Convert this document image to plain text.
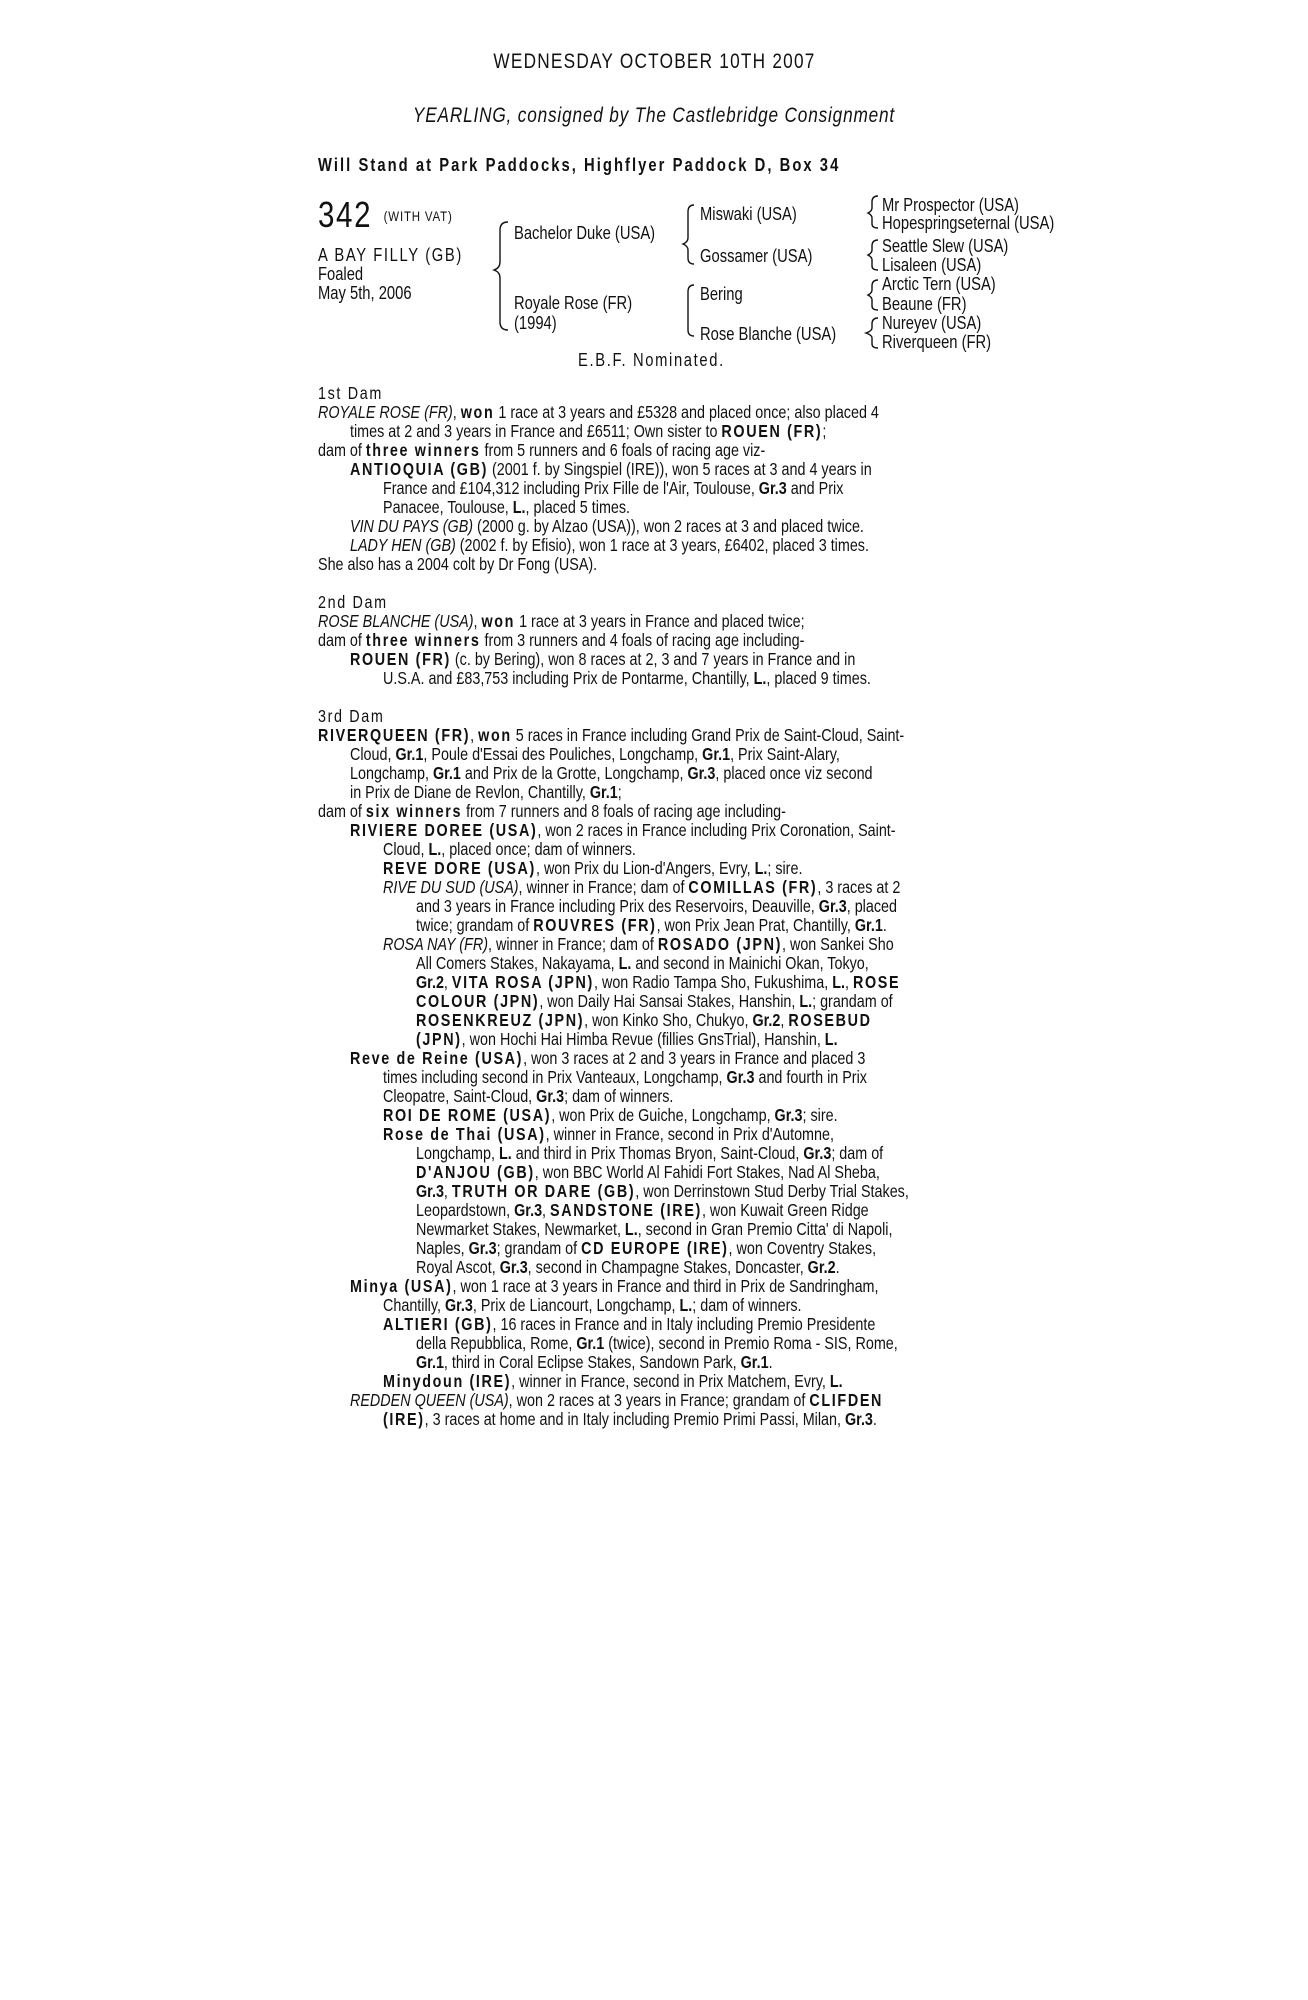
WEDNESDAY OCTOBER 10TH 2007
YEARLING, consigned by The Castlebridge Consignment
Will Stand at Park Paddocks, Highflyer Paddock D, Box 34
342 (WITH VAT)
A BAY FILLY (GB)
Foaled
May 5th, 2006
Bachelor Duke (USA)
Royale Rose (FR)
(1994)
Miswaki (USA)
Gossamer (USA)
Bering
Rose Blanche (USA)
Mr Prospector (USA)
Hopespringseternal (USA)
Seattle Slew (USA)
Lisaleen (USA)
Arctic Tern (USA)
Beaune (FR)
Nureyev (USA)
Riverqueen (FR)
E.B.F. Nominated.
1st Dam
ROYALE ROSE (FR), won 1 race at 3 years and £5328 and placed once; also placed 4
times at 2 and 3 years in France and £6511; Own sister to ROUEN (FR);
dam of three winners from 5 runners and 6 foals of racing age viz-
ANTIOQUIA (GB) (2001 f. by Singspiel (IRE)), won 5 races at 3 and 4 years in
France and £104,312 including Prix Fille de l'Air, Toulouse, Gr.3 and Prix
Panacee, Toulouse, L., placed 5 times.
VIN DU PAYS (GB) (2000 g. by Alzao (USA)), won 2 races at 3 and placed twice.
LADY HEN (GB) (2002 f. by Efisio), won 1 race at 3 years, £6402, placed 3 times.
She also has a 2004 colt by Dr Fong (USA).
2nd Dam
ROSE BLANCHE (USA), won 1 race at 3 years in France and placed twice;
dam of three winners from 3 runners and 4 foals of racing age including-
ROUEN (FR) (c. by Bering), won 8 races at 2, 3 and 7 years in France and in
U.S.A. and £83,753 including Prix de Pontarme, Chantilly, L., placed 9 times.
3rd Dam
RIVERQUEEN (FR), won 5 races in France including Grand Prix de Saint-Cloud, Saint-
Cloud, Gr.1, Poule d'Essai des Pouliches, Longchamp, Gr.1, Prix Saint-Alary,
Longchamp, Gr.1 and Prix de la Grotte, Longchamp, Gr.3, placed once viz second
in Prix de Diane de Revlon, Chantilly, Gr.1;
dam of six winners from 7 runners and 8 foals of racing age including-
RIVIERE DOREE (USA), won 2 races in France including Prix Coronation, Saint-
Cloud, L., placed once; dam of winners.
REVE DORE (USA), won Prix du Lion-d'Angers, Evry, L.; sire.
RIVE DU SUD (USA), winner in France; dam of COMILLAS (FR), 3 races at 2
and 3 years in France including Prix des Reservoirs, Deauville, Gr.3, placed
twice; grandam of ROUVRES (FR), won Prix Jean Prat, Chantilly, Gr.1.
ROSA NAY (FR), winner in France; dam of ROSADO (JPN), won Sankei Sho
All Comers Stakes, Nakayama, L. and second in Mainichi Okan, Tokyo,
Gr.2, VITA ROSA (JPN), won Radio Tampa Sho, Fukushima, L., ROSE
COLOUR (JPN), won Daily Hai Sansai Stakes, Hanshin, L.; grandam of
ROSENKREUZ (JPN), won Kinko Sho, Chukyo, Gr.2, ROSEBUD
(JPN), won Hochi Hai Himba Revue (fillies GnsTrial), Hanshin, L.
Reve de Reine (USA), won 3 races at 2 and 3 years in France and placed 3
times including second in Prix Vanteaux, Longchamp, Gr.3 and fourth in Prix
Cleopatre, Saint-Cloud, Gr.3; dam of winners.
ROI DE ROME (USA), won Prix de Guiche, Longchamp, Gr.3; sire.
Rose de Thai (USA), winner in France, second in Prix d'Automne,
Longchamp, L. and third in Prix Thomas Bryon, Saint-Cloud, Gr.3; dam of
D'ANJOU (GB), won BBC World Al Fahidi Fort Stakes, Nad Al Sheba,
Gr.3, TRUTH OR DARE (GB), won Derrinstown Stud Derby Trial Stakes,
Leopardstown, Gr.3, SANDSTONE (IRE), won Kuwait Green Ridge
Newmarket Stakes, Newmarket, L., second in Gran Premio Citta' di Napoli,
Naples, Gr.3; grandam of CD EUROPE (IRE), won Coventry Stakes,
Royal Ascot, Gr.3, second in Champagne Stakes, Doncaster, Gr.2.
Minya (USA), won 1 race at 3 years in France and third in Prix de Sandringham,
Chantilly, Gr.3, Prix de Liancourt, Longchamp, L.; dam of winners.
ALTIERI (GB), 16 races in France and in Italy including Premio Presidente
della Repubblica, Rome, Gr.1 (twice), second in Premio Roma - SIS, Rome,
Gr.1, third in Coral Eclipse Stakes, Sandown Park, Gr.1.
Minydoun (IRE), winner in France, second in Prix Matchem, Evry, L.
REDDEN QUEEN (USA), won 2 races at 3 years in France; grandam of CLIFDEN
(IRE), 3 races at home and in Italy including Premio Primi Passi, Milan, Gr.3.
